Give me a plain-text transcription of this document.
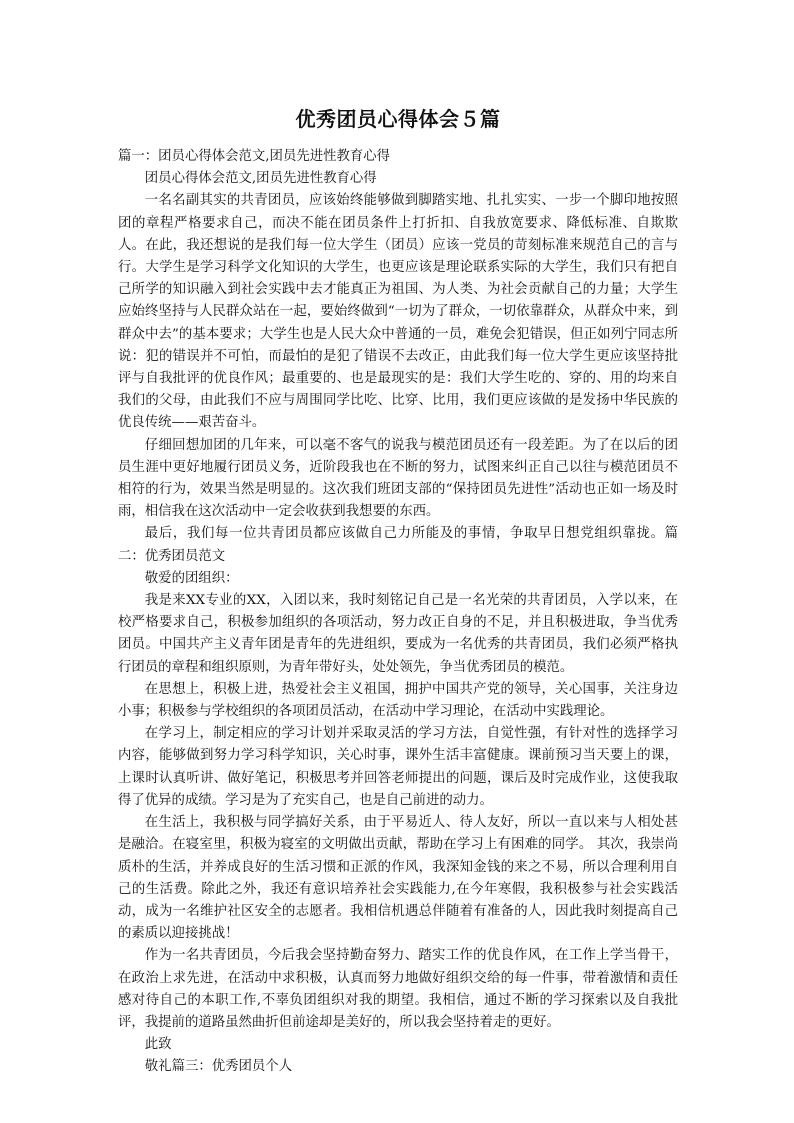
优秀团员心得体会５篇

篇一：团员心得体会范文,团员先进性教育心得

团员心得体会范文,团员先进性教育心得

一名名副其实的共青团员，应该始终能够做到脚踏实地、扎扎实实、一步一个脚印地按照团的章程严格要求自己，而决不能在团员条件上打折扣、自我放宽要求、降低标准、自欺欺人。在此，我还想说的是我们每一位大学生（团员）应该一党员的苛刻标准来规范自己的言与行。大学生是学习科学文化知识的大学生，也更应该是理论联系实际的大学生，我们只有把自己所学的知识融入到社会实践中去才能真正为祖国、为人类、为社会贡献自己的力量；大学生应始终坚持与人民群众站在一起，要始终做到“一切为了群众，一切依靠群众，从群众中来，到群众中去”的基本要求；大学生也是人民大众中普通的一员，难免会犯错误，但正如列宁同志所说：犯的错误并不可怕，而最怕的是犯了错误不去改正，由此我们每一位大学生更应该坚持批评与自我批评的优良作风；最重要的、也是最现实的是：我们大学生吃的、穿的、用的均来自我们的父母，由此我们不应与周围同学比吃、比穿、比用，我们更应该做的是发扬中华民族的优良传统——艰苦奋斗。

仔细回想加团的几年来，可以毫不客气的说我与模范团员还有一段差距。为了在以后的团员生涯中更好地履行团员义务，近阶段我也在不断的努力，试图来纠正自己以往与模范团员不相符的行为，效果当然是明显的。这次我们班团支部的“保持团员先进性”活动也正如一场及时雨，相信我在这次活动中一定会收获到我想要的东西。

最后，我们每一位共青团员都应该做自己力所能及的事情，争取早日想党组织靠拢。篇二：优秀团员范文

敬爱的团组织：

我是来XX专业的XX，入团以来，我时刻铭记自己是一名光荣的共青团员，入学以来，在校严格要求自己，积极参加组织的各项活动，努力改正自身的不足，并且积极进取，争当优秀团员。中国共产主义青年团是青年的先进组织，要成为一名优秀的共青团员，我们必须严格执行团员的章程和组织原则，为青年带好头，处处领先，争当优秀团员的模范。

在思想上，积极上进，热爱社会主义祖国，拥护中国共产党的领导，关心国事，关注身边小事；积极参与学校组织的各项团员活动，在活动中学习理论，在活动中实践理论。

在学习上，制定相应的学习计划并采取灵活的学习方法，自觉性强，有针对性的选择学习内容，能够做到努力学习科学知识，关心时事，课外生活丰富健康。课前预习当天要上的课，上课时认真听讲、做好笔记，积极思考并回答老师提出的问题，课后及时完成作业，这使我取得了优异的成绩。学习是为了充实自己，也是自己前进的动力。

在生活上，我积极与同学搞好关系，由于平易近人、待人友好，所以一直以来与人相处甚是融洽。在寝室里，积极为寝室的文明做出贡献，帮助在学习上有困难的同学。 其次，我崇尚质朴的生活，并养成良好的生活习惯和正派的作风，我深知金钱的来之不易，所以合理利用自己的生活费。除此之外，我还有意识培养社会实践能力,在今年寒假，我积极参与社会实践活动，成为一名维护社区安全的志愿者。我相信机遇总伴随着有准备的人，因此我时刻提高自己的素质以迎接挑战！

作为一名共青团员，今后我会坚持勤奋努力、踏实工作的优良作风，在工作上学当骨干，在政治上求先进，在活动中求积极，认真而努力地做好组织交给的每一件事，带着激情和责任感对待自己的本职工作,不辜负团组织对我的期望。我相信，通过不断的学习探索以及自我批评，我提前的道路虽然曲折但前途却是美好的，所以我会坚持着走的更好。

此致

敬礼篇三：优秀团员个人
